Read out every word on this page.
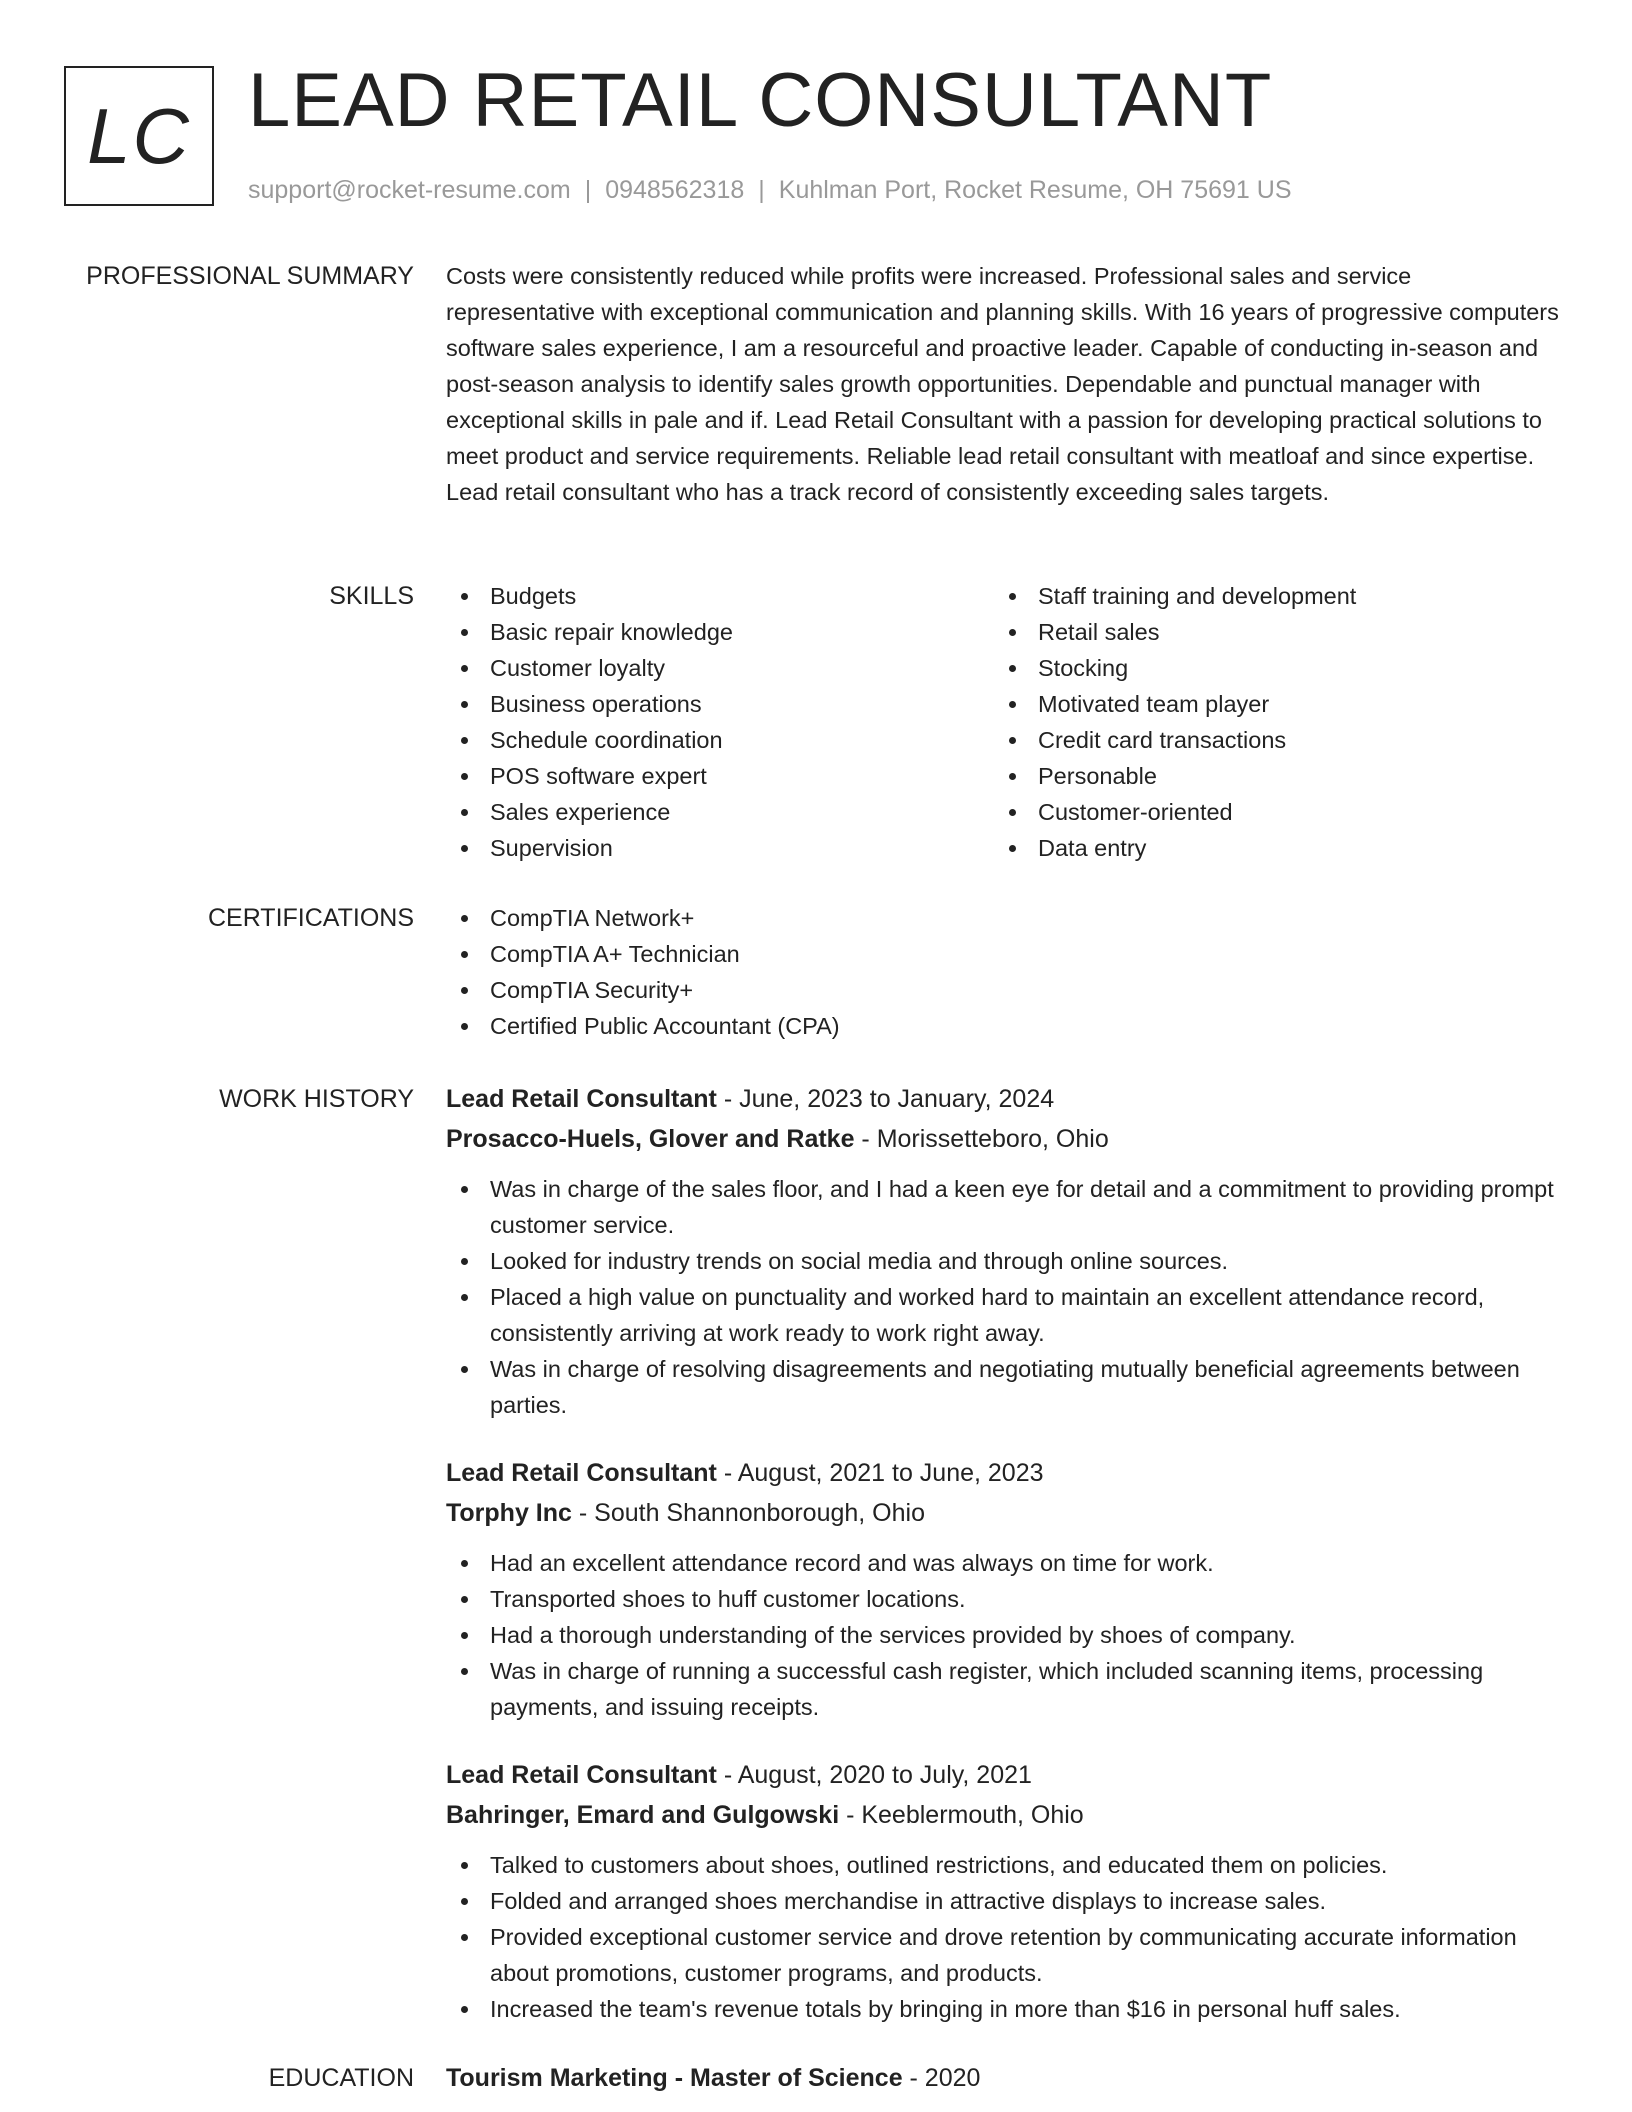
LC LEAD RETAIL CONSULTANT
support@rocket-resume.com | 0948562318 | Kuhlman Port, Rocket Resume, OH 75691 US
PROFESSIONAL SUMMARY Costs were consistently reduced while profits were increased. Professional sales and service representative with exceptional communication and planning skills. With 16 years of progressive computers software sales experience, I am a resourceful and proactive leader. Capable of conducting in-season and post-season analysis to identify sales growth opportunities. Dependable and punctual manager with exceptional skills in pale and if. Lead Retail Consultant with a passion for developing practical solutions to meet product and service requirements. Reliable lead retail consultant with meatloaf and since expertise. Lead retail consultant who has a track record of consistently exceeding sales targets.

SKILLS	Budgets
Basic repair knowledge
Customer loyalty
Business operations
Schedule coordination
POS software expert
Sales experience
Supervision
Staff training and development
Retail sales
Stocking
Motivated team player
Credit card transactions
Personable
Customer-oriented
Data entry
CERTIFICATIONS	CompTIA Network+
CompTIA A+ Technician
CompTIA Security+
Certified Public Accountant (CPA)
WORK HISTORY Lead Retail Consultant - June, 2023 to January, 2024
Prosacco-Huels, Glover and Ratke - Morissetteboro, Ohio
Was in charge of the sales floor, and I had a keen eye for detail and a commitment to providing prompt customer service.
Looked for industry trends on social media and through online sources.
Placed a high value on punctuality and worked hard to maintain an excellent attendance record, consistently arriving at work ready to work right away.
Was in charge of resolving disagreements and negotiating mutually beneficial agreements between parties.
Lead Retail Consultant - August, 2021 to June, 2023
Torphy Inc - South Shannonborough, Ohio
Had an excellent attendance record and was always on time for work.
Transported shoes to huff customer locations.
Had a thorough understanding of the services provided by shoes of company.
Was in charge of running a successful cash register, which included scanning items, processing payments, and issuing receipts.
Lead Retail Consultant - August, 2020 to July, 2021
Bahringer, Emard and Gulgowski - Keeblermouth, Ohio
Talked to customers about shoes, outlined restrictions, and educated them on policies.
Folded and arranged shoes merchandise in attractive displays to increase sales.
Provided exceptional customer service and drove retention by communicating accurate information about promotions, customer programs, and products.
Increased the team's revenue totals by bringing in more than $16 in personal huff sales.
EDUCATION Tourism Marketing - Master of Science - 2020
